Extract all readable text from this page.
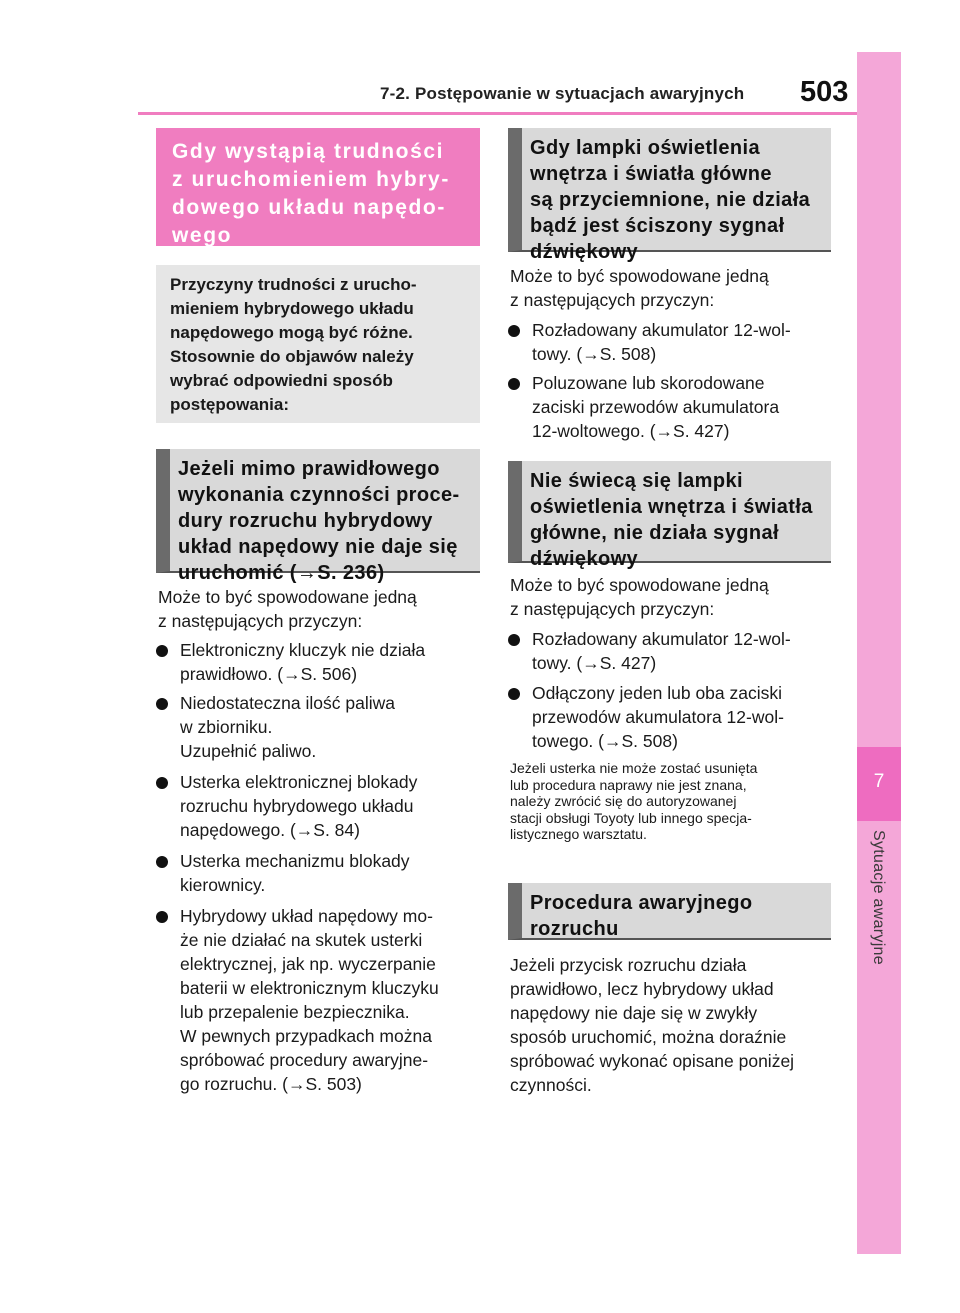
7-2. Postępowanie w sytuacjach awaryjnych 503
7
Sytuacje awaryjne
Gdy wystąpią trudności
z uruchomieniem hybry-
dowego układu napędo-
wego
Przyczyny trudności z urucho-
mieniem hybrydowego układu
napędowego mogą być różne.
Stosownie do objawów należy
wybrać odpowiedni sposób
postępowania:
Jeżeli mimo prawidłowego
wykonania czynności proce-
dury rozruchu hybrydowy
układ napędowy nie daje się
uruchomić (→S. 236)
Może to być spowodowane jedną
z następujących przyczyn:
Elektroniczny kluczyk nie działa
prawidłowo. (→S. 506)
Niedostateczna ilość paliwa
w zbiorniku.
Uzupełnić paliwo.
Usterka elektronicznej blokady
rozruchu hybrydowego układu
napędowego. (→S. 84)
Usterka mechanizmu blokady
kierownicy.
Hybrydowy układ napędowy mo-
że nie działać na skutek usterki
elektrycznej, jak np. wyczerpanie
baterii w elektronicznym kluczyku
lub przepalenie bezpiecznika.
W pewnych przypadkach można
spróbować procedury awaryjne-
go rozruchu. (→S. 503)
Gdy lampki oświetlenia
wnętrza i światła główne
są przyciemnione, nie działa
bądź jest ściszony sygnał
dźwiękowy
Może to być spowodowane jedną
z następujących przyczyn:
Rozładowany akumulator 12-wol-
towy. (→S. 508)
Poluzowane lub skorodowane
zaciski przewodów akumulatora
12-woltowego. (→S. 427)
Nie świecą się lampki
oświetlenia wnętrza i światła
główne, nie działa sygnał
dźwiękowy
Może to być spowodowane jedną
z następujących przyczyn:
Rozładowany akumulator 12-wol-
towy. (→S. 427)
Odłączony jeden lub oba zaciski
przewodów akumulatora 12-wol-
towego. (→S. 508)
Jeżeli usterka nie może zostać usunięta
lub procedura naprawy nie jest znana,
należy zwrócić się do autoryzowanej
stacji obsługi Toyoty lub innego specja-
listycznego warsztatu.
Procedura awaryjnego
rozruchu
Jeżeli przycisk rozruchu działa
prawidłowo, lecz hybrydowy układ
napędowy nie daje się w zwykły
sposób uruchomić, można doraźnie
spróbować wykonać opisane poniżej
czynności.
